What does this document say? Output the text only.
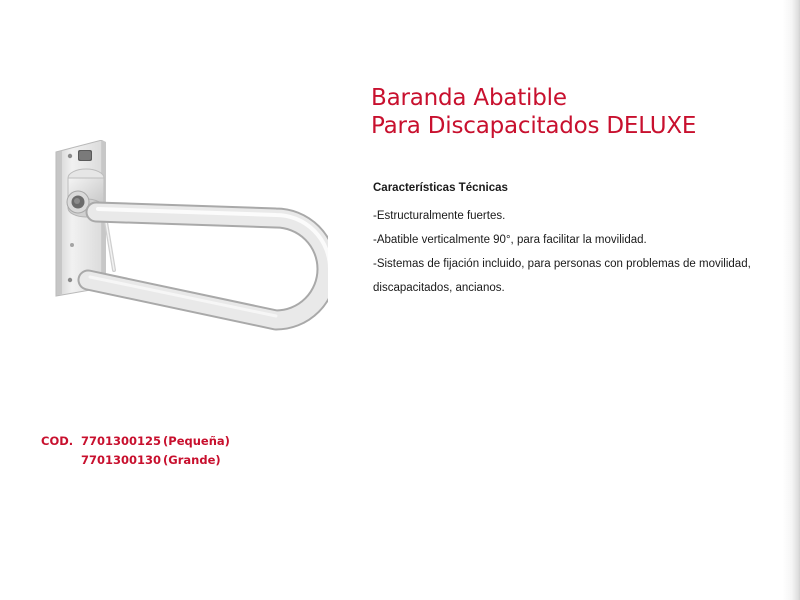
Baranda Abatible
Para Discapacitados DELUXE

Características Técnicas

-Estructuralmente fuertes.

-Abatible verticalmente 90°, para facilitar la movilidad.

-Sistemas de fijación incluido, para personas con problemas de movilidad,

discapacitados, ancianos.

COD. 7701300125 (Pequeña)
7701300130 (Grande)
